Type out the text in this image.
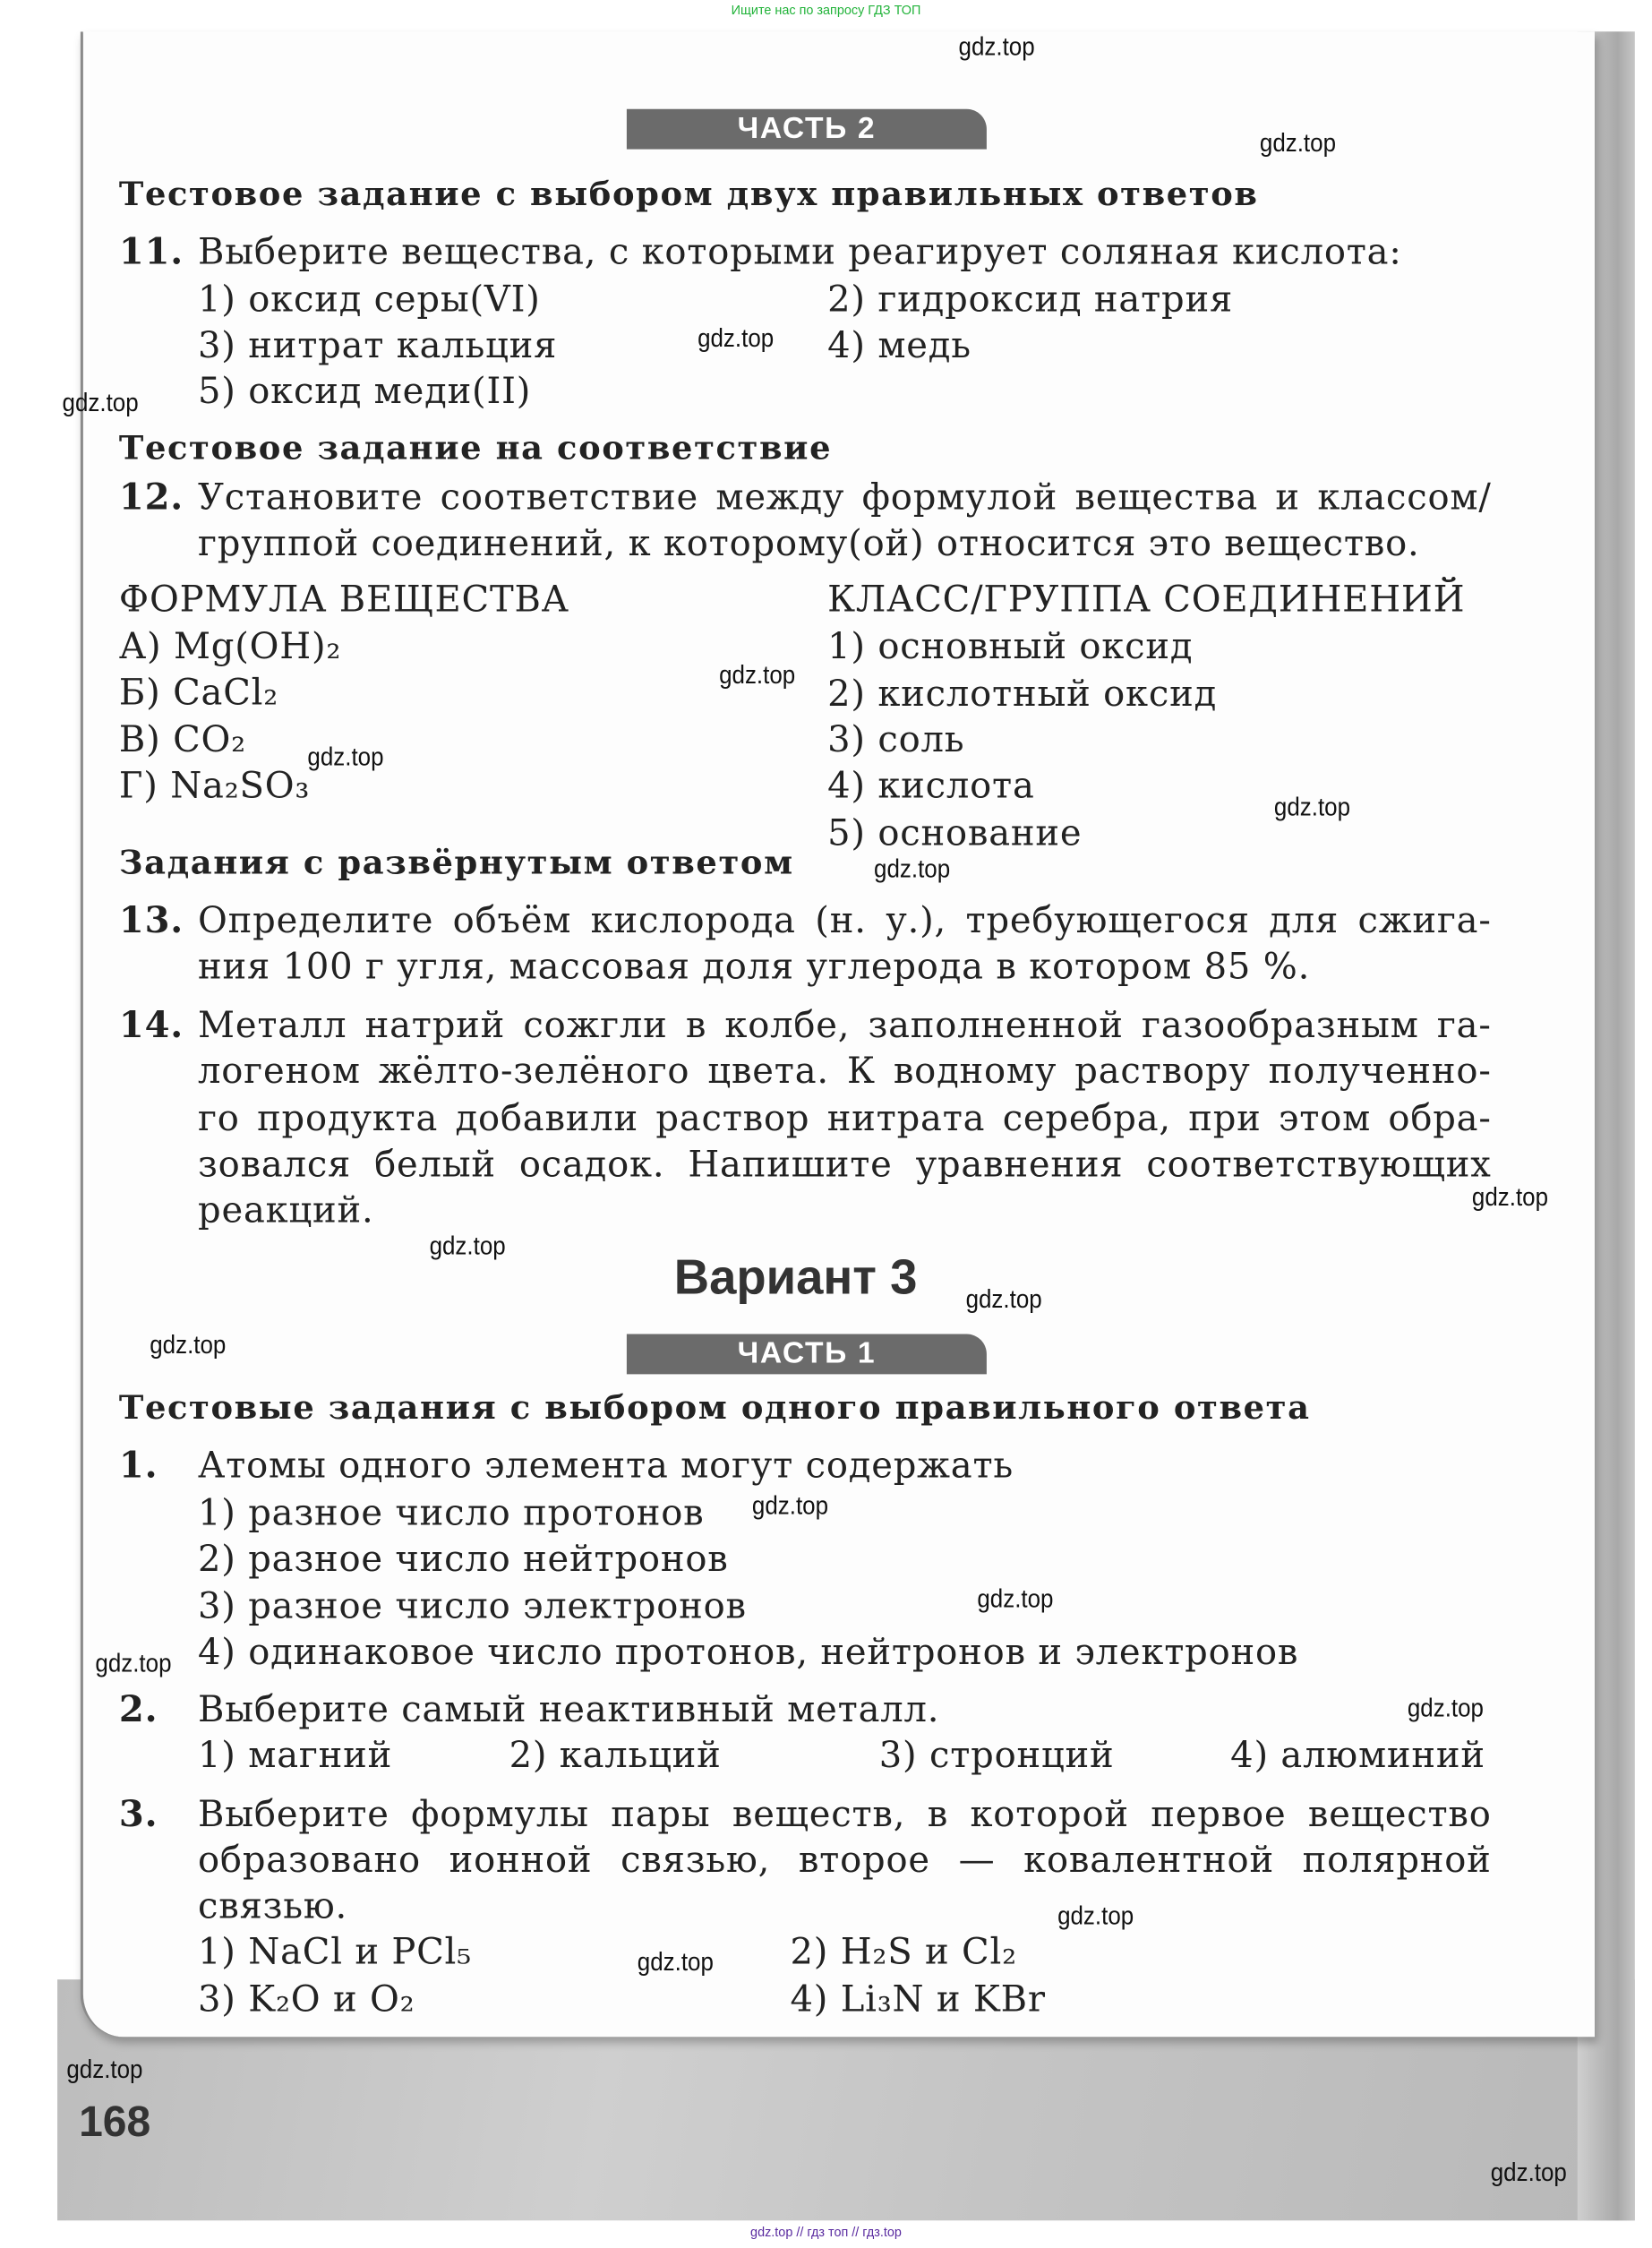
Ищите нас по запросу ГДЗ ТОП
ЧАСТЬ 2
Тестовое задание с выбором двух правильных ответов
11. Выберите вещества, с которыми реагирует соляная кислота:
1) оксид серы(VI)	2) гидроксид натрия
3) нитрат кальция	4) медь
5) оксид меди(II)
Тестовое задание на соответствие
12. Установите соответствие между формулой вещества и классом/
группой соединений, к которому(ой) относится это вещество.
ФОРМУЛА ВЕЩЕСТВА	КЛАСС/ГРУППА СОЕДИНЕНИЙ
А) Mg(OH)₂
Б) CaCl₂
В) CO₂
Г) Na₂SO₃
1) основный оксид
2) кислотный оксид
3) соль
4) кислота
5) основание
Задания с развёрнутым ответом
13. Определите объём кислорода (н. у.), требующегося для сжига-
ния 100 г угля, массовая доля углерода в котором 85 %.
14. Металл натрий сожгли в колбе, заполненной газообразным га-
логеном жёлто-зелёного цвета. К водному раствору полученно-
го продукта добавили раствор нитрата серебра, при этом обра-
зовался белый осадок. Напишите уравнения соответствующих
реакций.
Вариант 3
ЧАСТЬ 1
Тестовые задания с выбором одного правильного ответа
1. Атомы одного элемента могут содержать
1) разное число протонов
2) разное число нейтронов
3) разное число электронов
4) одинаковое число протонов, нейтронов и электронов
2. Выберите самый неактивный металл.
1) магний	2) кальций	3) стронций	4) алюминий
3. Выберите формулы пары веществ, в которой первое вещество
образовано ионной связью, второе — ковалентной полярной
связью.
1) NaCl и PCl₅	2) H₂S и Cl₂
3) K₂O и O₂	4) Li₃N и KBr
168
gdz.top
gdz.top
gdz.top
gdz.top
gdz.top
gdz.top
gdz.top
gdz.top
gdz.top
gdz.top
gdz.top
gdz.top
gdz.top
gdz.top
gdz.top
gdz.top
gdz.top
gdz.top
gdz.top
gdz.top
gdz.top // гдз топ // гдз.top
